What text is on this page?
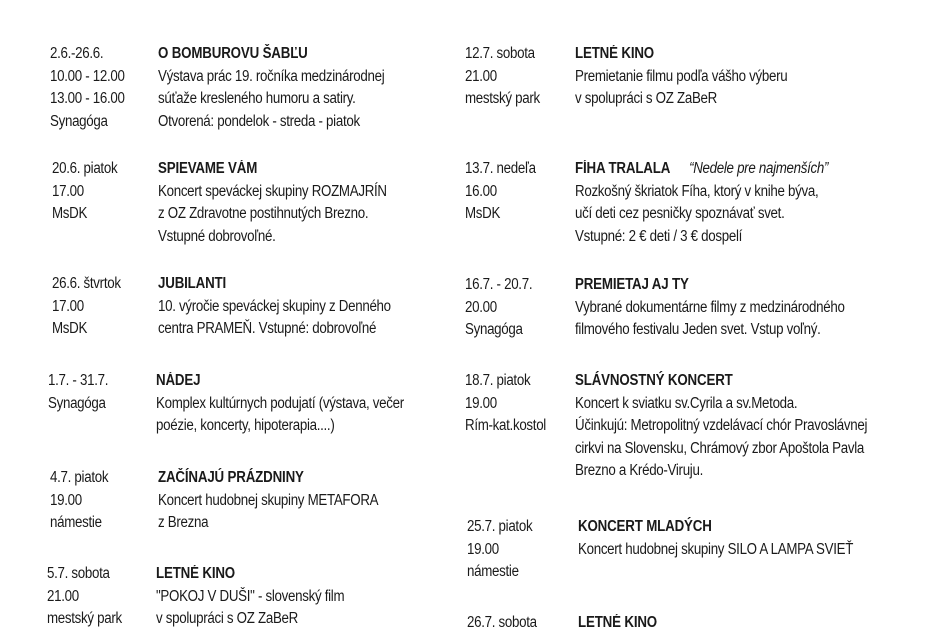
2.6.-26.6.
10.00 - 12.00
13.00 - 16.00
Synagóga
O BOMBUROVU ŠABĽU
Výstava prác 19. ročníka medzinárodnej
súťaže kresleného humoru a satiry.
Otvorená: pondelok - streda - piatok
20.6. piatok
17.00
MsDK
SPIEVAME VÁM
Koncert speváckej skupiny ROZMAJRÍN
z OZ Zdravotne postihnutých Brezno.
Vstupné dobrovoľné.
26.6. štvrtok
17.00
MsDK
JUBILANTI
10. výročie speváckej skupiny z Denného
centra PRAMEŇ. Vstupné: dobrovoľné
1.7. - 31.7.
Synagóga
NÁDEJ
Komplex kultúrnych podujatí (výstava, večer
poézie, koncerty, hipoterapia....)
4.7. piatok
19.00
námestie
ZAČÍNAJÚ PRÁZDNINY
Koncert hudobnej skupiny METAFORA
z Brezna
5.7. sobota
21.00
mestský park
LETNÉ KINO
"POKOJ V DUŠI" - slovenský film
v spolupráci s OZ ZaBeR
12.7. sobota
21.00
mestský park
LETNÉ KINO
Premietanie filmu podľa vášho výberu
v spolupráci s OZ ZaBeR
13.7. nedeľa
16.00
MsDK
FÍHA TRALALA “Nedele pre najmenších”
Rozkošný škriatok Fíha, ktorý v knihe býva,
učí deti cez pesničky spoznávať svet.
Vstupné: 2 € deti / 3 € dospelí
16.7. - 20.7.
20.00
Synagóga
PREMIETAJ AJ TY
Vybrané dokumentárne filmy z medzinárodného
filmového festivalu Jeden svet. Vstup voľný.
18.7. piatok
19.00
Rím-kat.kostol
SLÁVNOSTNÝ KONCERT
Koncert k sviatku sv.Cyrila a sv.Metoda.
Účinkujú: Metropolitný vzdelávací chór Pravoslávnej
cirkvi na Slovensku, Chrámový zbor Apoštola Pavla
Brezno a Krédo-Viruju.
25.7. piatok
19.00
námestie
KONCERT MLADÝCH
Koncert hudobnej skupiny SILO A LAMPA SVIEŤ
26.7. sobota	LETNÉ KINO
